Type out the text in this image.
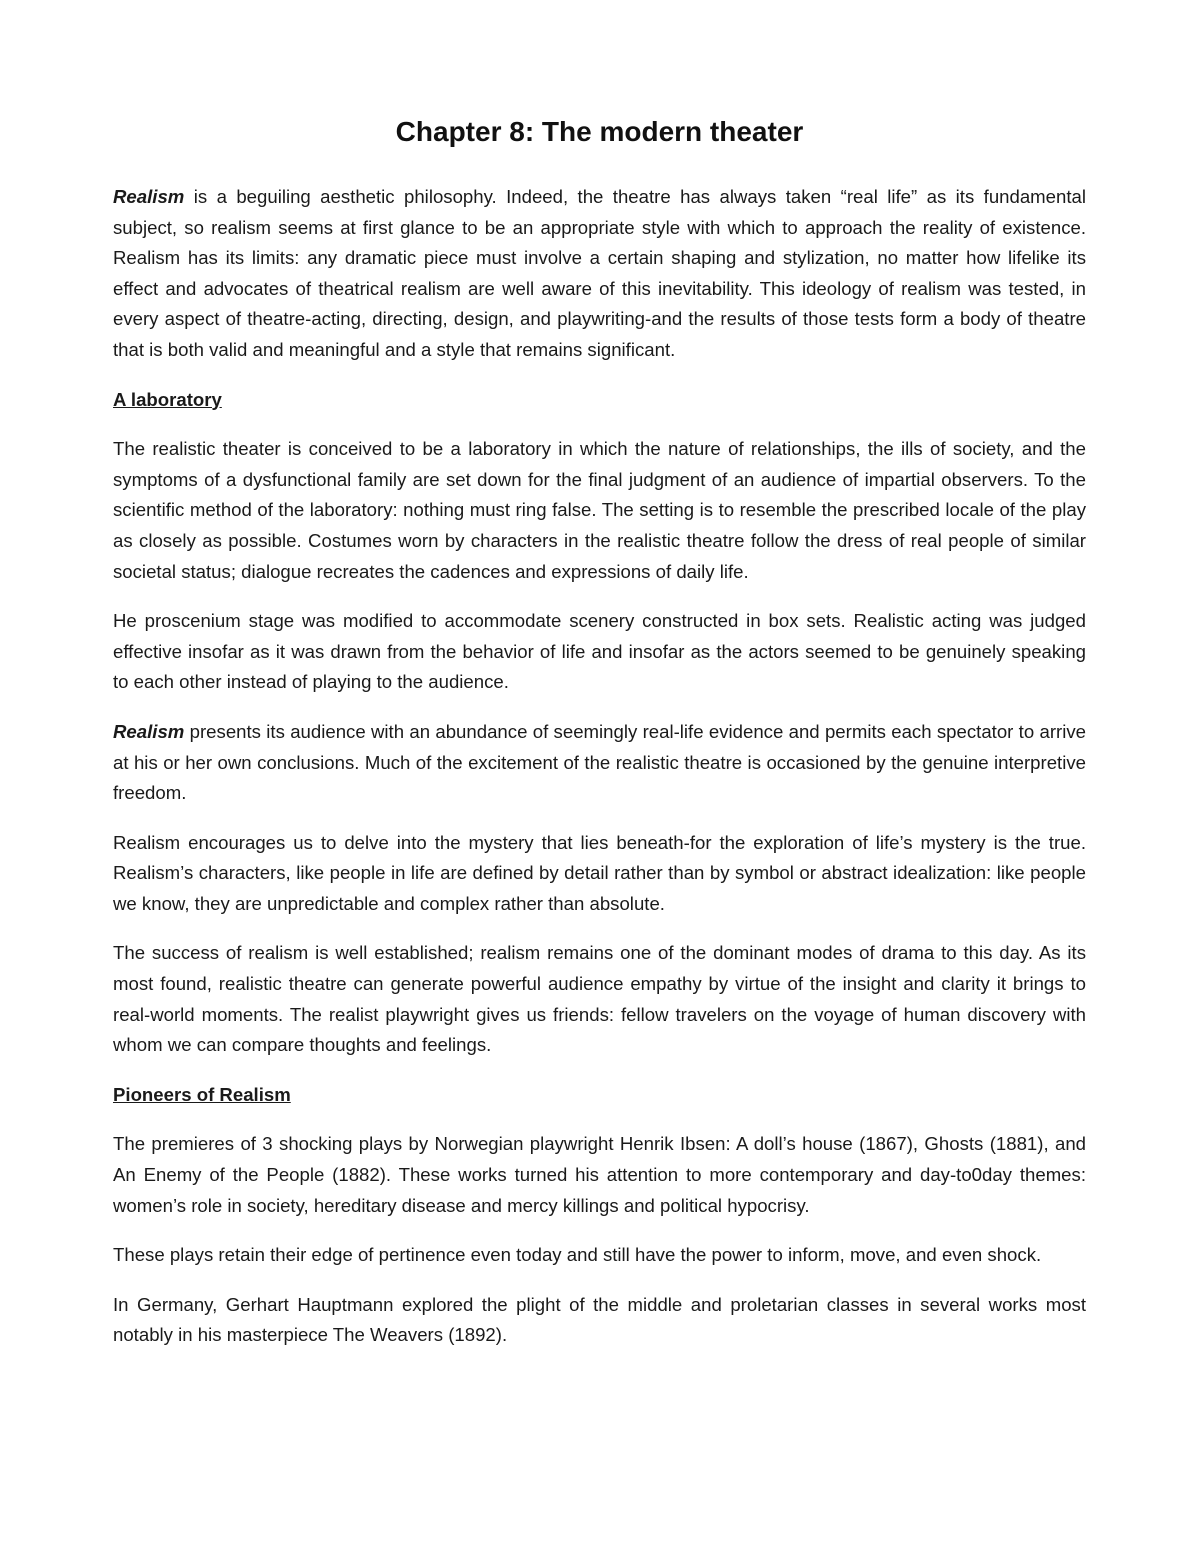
Chapter 8: The modern theater

Realism is a beguiling aesthetic philosophy. Indeed, the theatre has always taken “real life” as its fundamental subject, so realism seems at first glance to be an appropriate style with which to approach the reality of existence. Realism has its limits: any dramatic piece must involve a certain shaping and stylization, no matter how lifelike its effect and advocates of theatrical realism are well aware of this inevitability. This ideology of realism was tested, in every aspect of theatre-acting, directing, design, and playwriting-and the results of those tests form a body of theatre that is both valid and meaningful and a style that remains significant.

A laboratory

The realistic theater is conceived to be a laboratory in which the nature of relationships, the ills of society, and the symptoms of a dysfunctional family are set down for the final judgment of an audience of impartial observers. To the scientific method of the laboratory: nothing must ring false. The setting is to resemble the prescribed locale of the play as closely as possible. Costumes worn by characters in the realistic theatre follow the dress of real people of similar societal status; dialogue recreates the cadences and expressions of daily life.

He proscenium stage was modified to accommodate scenery constructed in box sets. Realistic acting was judged effective insofar as it was drawn from the behavior of life and insofar as the actors seemed to be genuinely speaking to each other instead of playing to the audience.

Realism presents its audience with an abundance of seemingly real-life evidence and permits each spectator to arrive at his or her own conclusions. Much of the excitement of the realistic theatre is occasioned by the genuine interpretive freedom.

Realism encourages us to delve into the mystery that lies beneath-for the exploration of life’s mystery is the true. Realism’s characters, like people in life are defined by detail rather than by symbol or abstract idealization: like people we know, they are unpredictable and complex rather than absolute.

The success of realism is well established; realism remains one of the dominant modes of drama to this day. As its most found, realistic theatre can generate powerful audience empathy by virtue of the insight and clarity it brings to real-world moments. The realist playwright gives us friends: fellow travelers on the voyage of human discovery with whom we can compare thoughts and feelings.

Pioneers of Realism

The premieres of 3 shocking plays by Norwegian playwright Henrik Ibsen: A doll’s house (1867), Ghosts (1881), and An Enemy of the People (1882). These works turned his attention to more contemporary and day-to0day themes: women’s role in society, hereditary disease and mercy killings and political hypocrisy.

These plays retain their edge of pertinence even today and still have the power to inform, move, and even shock.

In Germany, Gerhart Hauptmann explored the plight of the middle and proletarian classes in several works most notably in his masterpiece The Weavers (1892).
